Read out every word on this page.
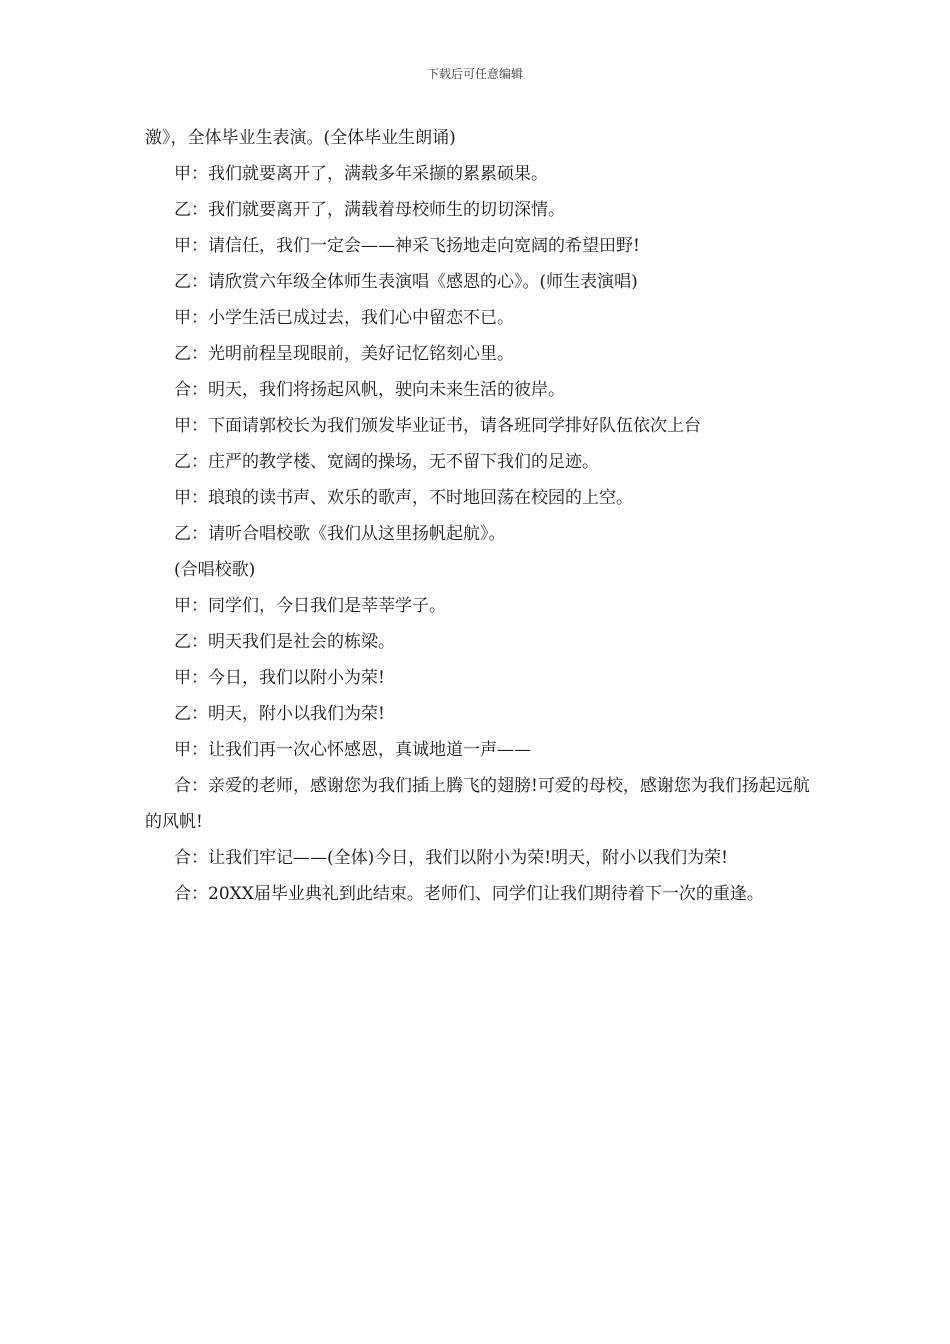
下载后可任意编辑

激》，全体毕业生表演。(全体毕业生朗诵)

甲：我们就要离开了，满载多年采撷的累累硕果。

乙：我们就要离开了，满载着母校师生的切切深情。

甲：请信任，我们一定会——神采飞扬地走向宽阔的希望田野!

乙：请欣赏六年级全体师生表演唱《感恩的心》。(师生表演唱)

甲：小学生活已成过去，我们心中留恋不已。

乙：光明前程呈现眼前，美好记忆铭刻心里。

合：明天，我们将扬起风帆，驶向未来生活的彼岸。

甲：下面请郭校长为我们颁发毕业证书，请各班同学排好队伍依次上台

乙：庄严的教学楼、宽阔的操场，无不留下我们的足迹。

甲：琅琅的读书声、欢乐的歌声，不时地回荡在校园的上空。

乙：请听合唱校歌《我们从这里扬帆起航》。

(合唱校歌)

甲：同学们，今日我们是莘莘学子。

乙：明天我们是社会的栋梁。

甲：今日，我们以附小为荣!

乙：明天，附小以我们为荣!

甲：让我们再一次心怀感恩，真诚地道一声——

合：亲爱的老师，感谢您为我们插上腾飞的翅膀!可爱的母校，感谢您为我们扬起远航的风帆!

合：让我们牢记——(全体)今日，我们以附小为荣!明天，附小以我们为荣!

合：20XX届毕业典礼到此结束。老师们、同学们让我们期待着下一次的重逢。
